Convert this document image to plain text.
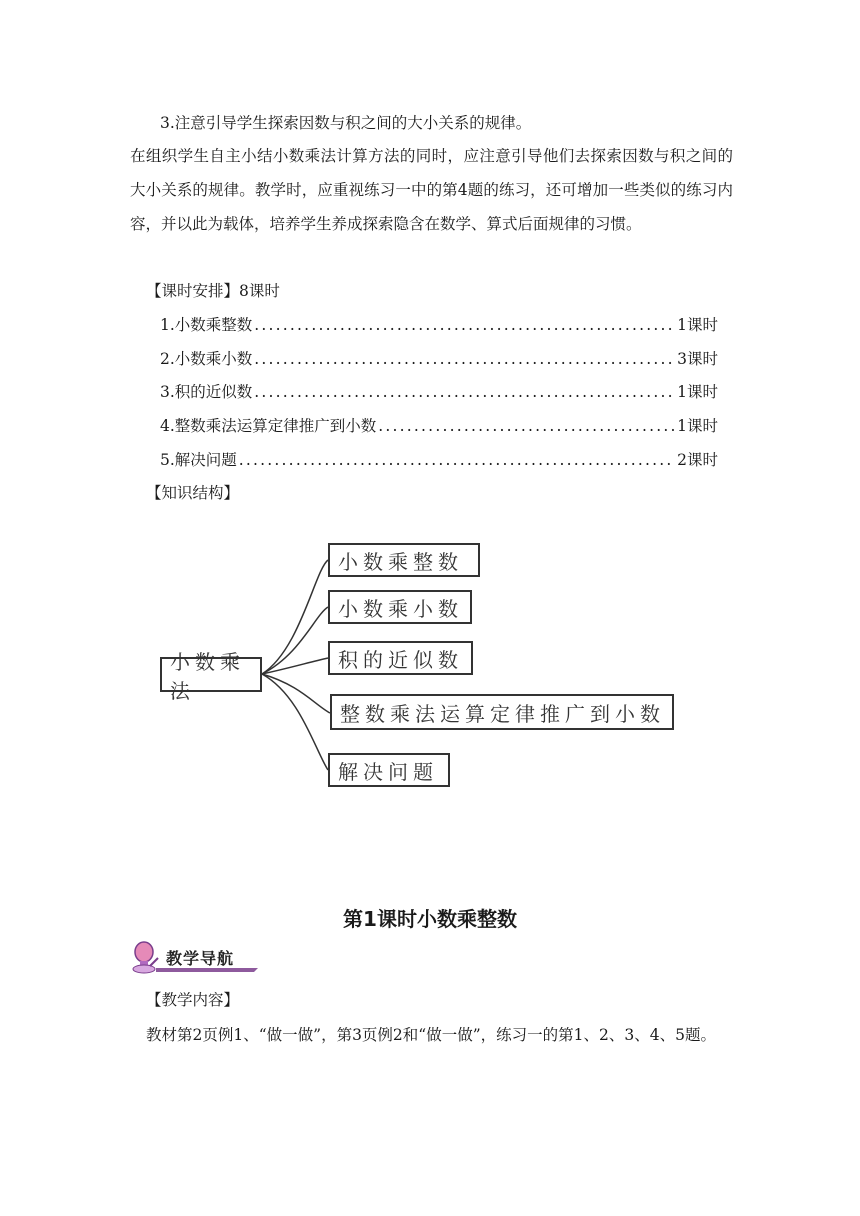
3.注意引导学生探索因数与积之间的大小关系的规律。
在组织学生自主小结小数乘法计算方法的同时，应注意引导他们去探索因数与积之间的大小关系的规律。教学时，应重视练习一中的第4题的练习，还可增加一些类似的练习内容，并以此为载体，培养学生养成探索隐含在数学、算式后面规律的习惯。
【课时安排】8课时
1.小数乘整数 .....	1课时
2.小数乘小数 .....	3课时
3.积的近似数 .....	1课时
4.整数乘法运算定律推广到小数 .....	1课时
5.解决问题 .....	2课时
【知识结构】
小数乘法
小数乘整数
小数乘小数
积的近似数
整数乘法运算定律推广到小数
解决问题
第1课时小数乘整数
教学导航
【教学内容】
教材第2页例1、“做一做”，第3页例2和“做一做”，练习一的第1、2、3、4、5题。
